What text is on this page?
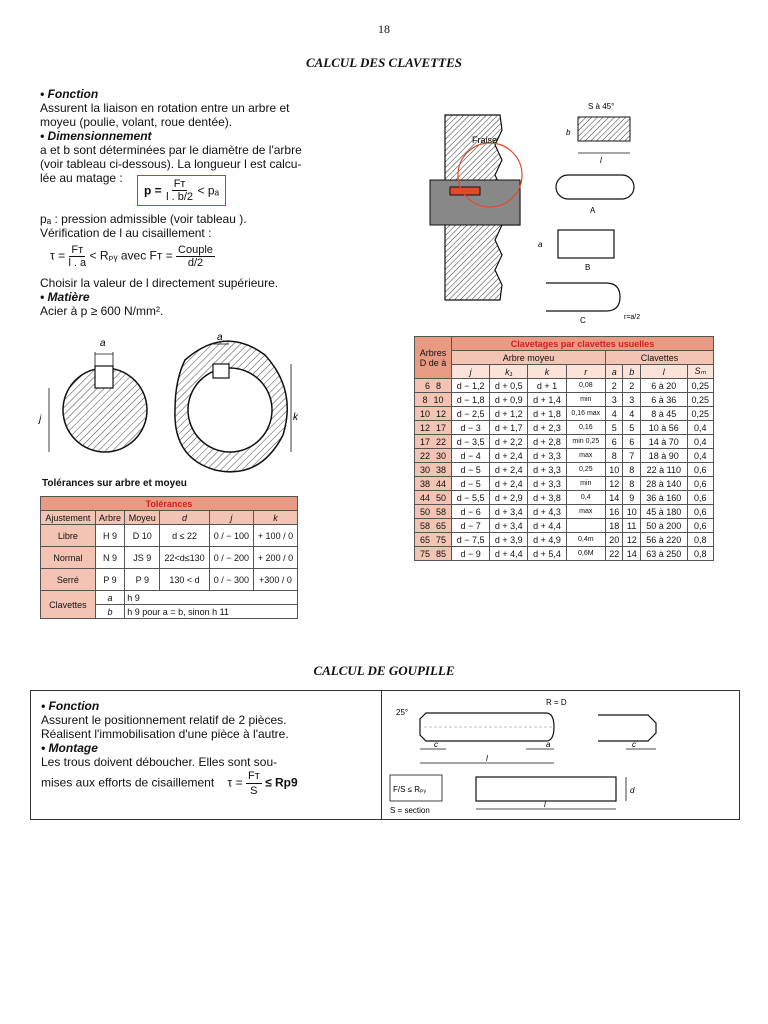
18
CALCUL DES CLAVETTES
• Fonction
Assurent la liaison en rotation entre un arbre et
moyeu (poulie, volant, roue dentée).
• Dimensionnement
a et b sont déterminées par le diamètre de l'arbre
(voir tableau ci-dessous). La longueur l est calcu-
lée au matage :
$p = \frac{\text{Fᴛ}}{l . b/2} < p_a$
pₐ : pression admissible (voir tableau ).
Vérification de l au cisaillement :
$\tau = \frac{\text{Fᴛ}}{l . a}$ < Rₚᵧ avec Fᴛ = $\frac{\text{Couple}}{d/2}$
Choisir la valeur de l directement supérieure.
• Matière
Acier à p ≥ 600 N/mm².
a
j
a
k
Tolérances sur arbre et moyeu
Tolérances					
Ajustement	Arbre	Moyeu	d	j	k
Libre	H 9	D 10	d ≤ 22	0 / − 100	+ 100 / 0
Normal	N 9	JS 9	22<d≤130	0 / − 200	+ 200 / 0
Serré	P 9	P 9	130 < d	0 / − 300	+300 / 0
Clavettes	a	h 9			
	b	h 9 pour a = b, sinon h 11			
Fraise
S à 45°
b
l
A
a
B
C	r=a/2
Arbres D de à	Clavetages par clavettes usuelles							
	Arbre moyeu				Clavettes			
	j	k₁	k	r	a	b	l	Sₘ
6 8	d − 1,2	d + 0,5	d + 1	0,08	2	2	6 à 20	0,25
8 10	d − 1,8	d + 0,9	d + 1,4	min	3	3	6 à 36	0,25
10 12	d − 2,5	d + 1,2	d + 1,8	0,16 max	4	4	8 à 45	0,25
12 17	d − 3	d + 1,7	d + 2,3	0,16	5	5	10 à 56	0,4
17 22	d − 3,5	d + 2,2	d + 2,8	min 0,25	6	6	14 à 70	0,4
22 30	d − 4	d + 2,4	d + 3,3	max	8	7	18 à 90	0,4
30 38	d − 5	d + 2,4	d + 3,3	0,25	10	8	22 à 110	0,6
38 44	d − 5	d + 2,4	d + 3,3	min	12	8	28 à 140	0,6
44 50	d − 5,5	d + 2,9	d + 3,8	0,4	14	9	36 à 160	0,6
50 58	d − 6	d + 3,4	d + 4,3	max	16	10	45 à 180	0,6
58 65	d − 7	d + 3,4	d + 4,4		18	11	50 à 200	0,6
65 75	d − 7,5	d + 3,9	d + 4,9	0,4m	20	12	56 à 220	0,8
75 85	d − 9	d + 4,4	d + 5,4	0,6M	22	14	63 à 250	0,8
CALCUL DE GOUPILLE
• Fonction
Assurent le positionnement relatif de 2 pièces.
Réalisent l'immobilisation d'une pièce à l'autre.
• Montage
Les trous doivent déboucher. Elles sont sou-
mises aux efforts de cisaillement $\tau = \frac{\text{Fᴛ}}{S} \le Rp9$
25°
R = D
c	a
l
c
F/S ≤ Rₚᵧ
S = section
d
l
